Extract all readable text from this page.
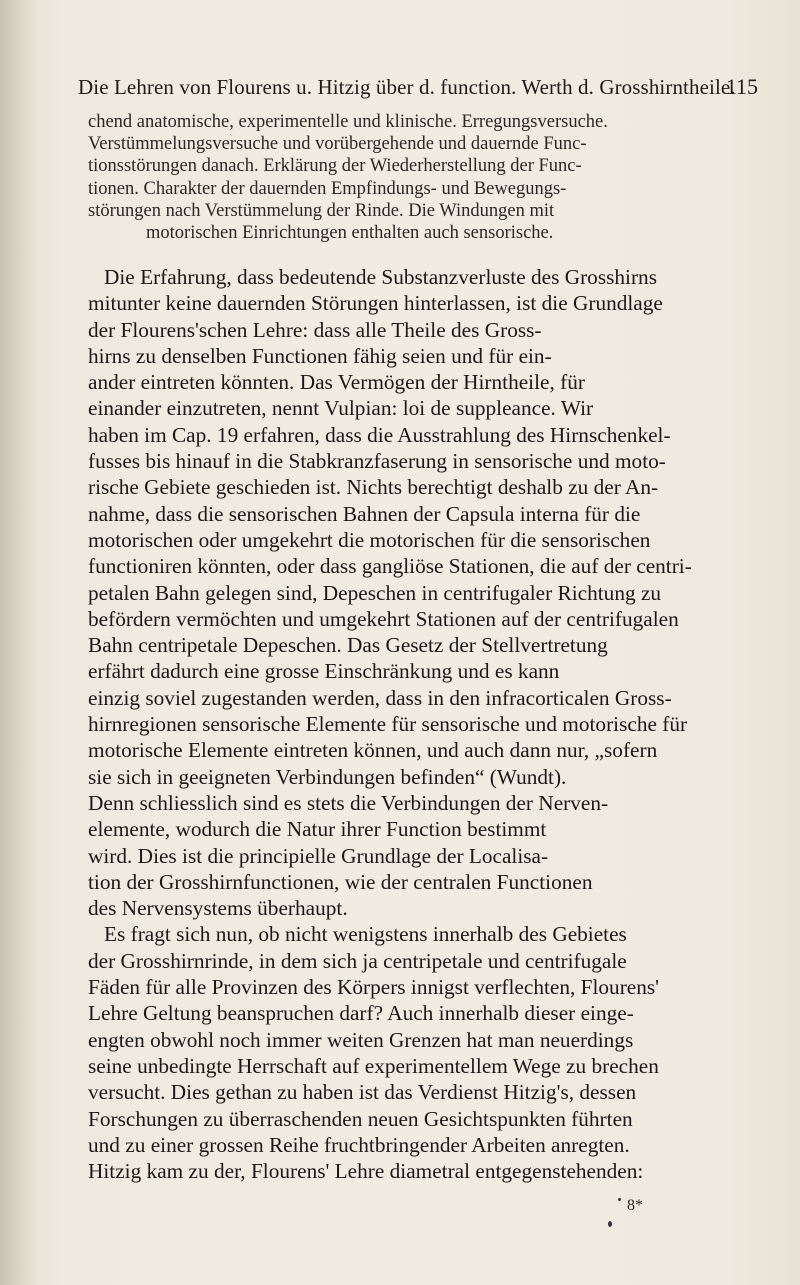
Die Lehren von Flourens u. Hitzig über d. function. Werth d. Grosshirntheile.
115
chend anatomische, experimentelle und klinische. Erregungsversuche.
Verstümmelungsversuche und vorübergehende und dauernde Func-
tionsstörungen danach. Erklärung der Wiederherstellung der Func-
tionen. Charakter der dauernden Empfindungs- und Bewegungs-
störungen nach Verstümmelung der Rinde. Die Windungen mit
motorischen Einrichtungen enthalten auch sensorische.
Die Erfahrung, dass bedeutende Substanzverluste des Grosshirns
mitunter keine dauernden Störungen hinterlassen, ist die Grundlage
der Flourens'schen Lehre: dass alle Theile des Gross-
hirns zu denselben Functionen fähig seien und für ein-
ander eintreten könnten. Das Vermögen der Hirntheile, für
einander einzutreten, nennt Vulpian: loi de suppleance. Wir
haben im Cap. 19 erfahren, dass die Ausstrahlung des Hirnschenkel-
fusses bis hinauf in die Stabkranzfaserung in sensorische und moto-
rische Gebiete geschieden ist. Nichts berechtigt deshalb zu der An-
nahme, dass die sensorischen Bahnen der Capsula interna für die
motorischen oder umgekehrt die motorischen für die sensorischen
functioniren könnten, oder dass gangliöse Stationen, die auf der centri-
petalen Bahn gelegen sind, Depeschen in centrifugaler Richtung zu
befördern vermöchten und umgekehrt Stationen auf der centrifugalen
Bahn centripetale Depeschen. Das Gesetz der Stellvertretung
erfährt dadurch eine grosse Einschränkung und es kann
einzig soviel zugestanden werden, dass in den infracorticalen Gross-
hirnregionen sensorische Elemente für sensorische und motorische für
motorische Elemente eintreten können, und auch dann nur, „sofern
sie sich in geeigneten Verbindungen befinden“ (Wundt).
Denn schliesslich sind es stets die Verbindungen der Nerven-
elemente, wodurch die Natur ihrer Function bestimmt
wird. Dies ist die principielle Grundlage der Localisa-
tion der Grosshirnfunctionen, wie der centralen Functionen
des Nervensystems überhaupt.
Es fragt sich nun, ob nicht wenigstens innerhalb des Gebietes
der Grosshirnrinde, in dem sich ja centripetale und centrifugale
Fäden für alle Provinzen des Körpers innigst verflechten, Flourens'
Lehre Geltung beanspruchen darf? Auch innerhalb dieser einge-
engten obwohl noch immer weiten Grenzen hat man neuerdings
seine unbedingte Herrschaft auf experimentellem Wege zu brechen
versucht. Dies gethan zu haben ist das Verdienst Hitzig's, dessen
Forschungen zu überraschenden neuen Gesichtspunkten führten
und zu einer grossen Reihe fruchtbringender Arbeiten anregten.
Hitzig kam zu der, Flourens' Lehre diametral entgegenstehenden:
8*
